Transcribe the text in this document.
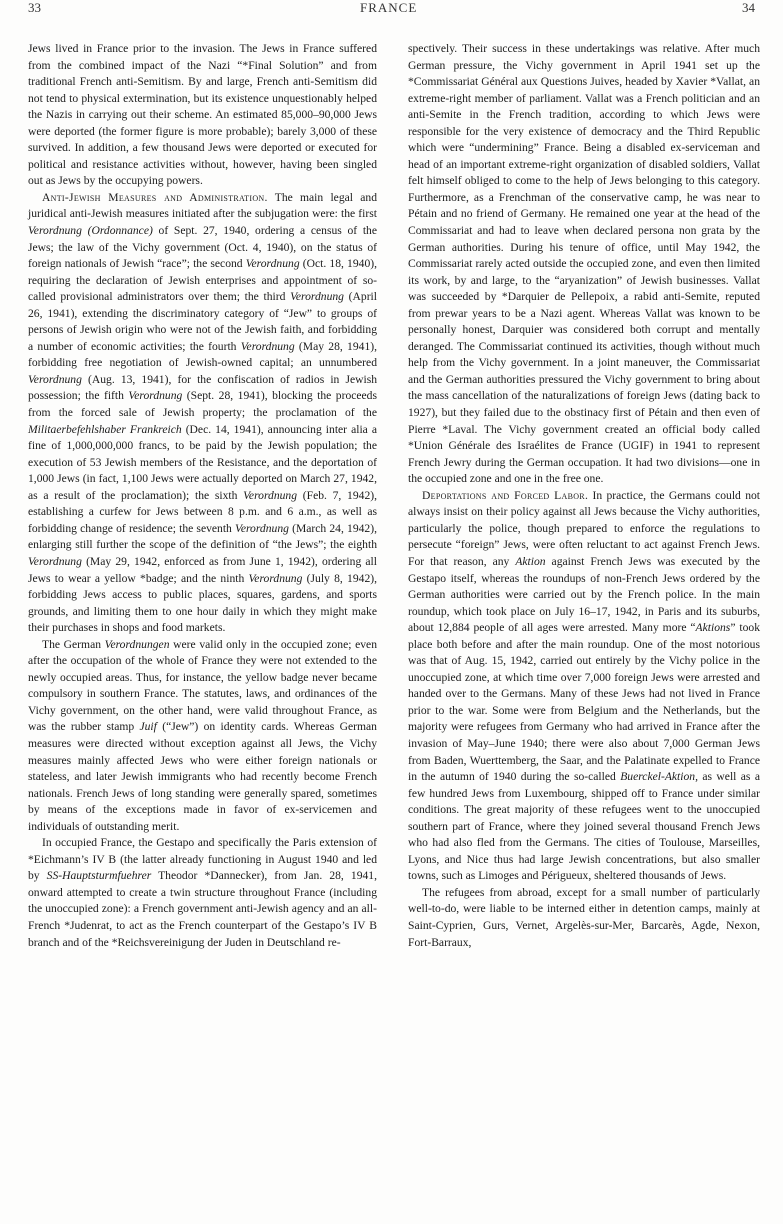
33	FRANCE	34

Jews lived in France prior to the invasion. The Jews in France suffered from the combined impact of the Nazi “*Final Solution” and from traditional French anti-Semitism. By and large, French anti-Semitism did not tend to physical extermination, but its existence unquestionably helped the Nazis in carrying out their scheme. An estimated 85,000–90,000 Jews were deported (the former figure is more probable); barely 3,000 of these survived. In addition, a few thousand Jews were deported or executed for political and resistance activities without, however, having been singled out as Jews by the occupying powers.

Anti-Jewish Measures and Administration. The main legal and juridical anti-Jewish measures initiated after the subjugation were: the first Verordnung (Ordonnance) of Sept. 27, 1940, ordering a census of the Jews; the law of the Vichy government (Oct. 4, 1940), on the status of foreign nationals of Jewish “race”; the second Verordnung (Oct. 18, 1940), requiring the declaration of Jewish enterprises and appointment of so-called provisional administrators over them; the third Verordnung (April 26, 1941), extending the discriminatory category of “Jew” to groups of persons of Jewish origin who were not of the Jewish faith, and forbidding a number of economic activities; the fourth Verordnung (May 28, 1941), forbidding free negotiation of Jewish-owned capital; an unnumbered Verordnung (Aug. 13, 1941), for the confiscation of radios in Jewish possession; the fifth Verordnung (Sept. 28, 1941), blocking the proceeds from the forced sale of Jewish property; the proclamation of the Militaerbefehlshaber Frankreich (Dec. 14, 1941), announcing inter alia a fine of 1,000,000,000 francs, to be paid by the Jewish population; the execution of 53 Jewish members of the Resistance, and the deportation of 1,000 Jews (in fact, 1,100 Jews were actually deported on March 27, 1942, as a result of the proclamation); the sixth Verordnung (Feb. 7, 1942), establishing a curfew for Jews between 8 p.m. and 6 a.m., as well as forbidding change of residence; the seventh Verordnung (March 24, 1942), enlarging still further the scope of the definition of “the Jews”; the eighth Verordnung (May 29, 1942, enforced as from June 1, 1942), ordering all Jews to wear a yellow *badge; and the ninth Verordnung (July 8, 1942), forbidding Jews access to public places, squares, gardens, and sports grounds, and limiting them to one hour daily in which they might make their purchases in shops and food markets.

The German Verordnungen were valid only in the occupied zone; even after the occupation of the whole of France they were not extended to the newly occupied areas. Thus, for instance, the yellow badge never became compulsory in southern France. The statutes, laws, and ordinances of the Vichy government, on the other hand, were valid throughout France, as was the rubber stamp Juif (“Jew”) on identity cards. Whereas German measures were directed without exception against all Jews, the Vichy measures mainly affected Jews who were either foreign nationals or stateless, and later Jewish immigrants who had recently become French nationals. French Jews of long standing were generally spared, sometimes by means of the exceptions made in favor of ex-servicemen and individuals of outstanding merit.

In occupied France, the Gestapo and specifically the Paris extension of *Eichmann’s IV B (the latter already functioning in August 1940 and led by SS-Hauptsturmfuehrer Theodor *Dannecker), from Jan. 28, 1941, onward attempted to create a twin structure throughout France (including the unoccupied zone): a French government anti-Jewish agency and an all-French *Judenrat, to act as the French counterpart of the Gestapo’s IV B branch and of the *Reichsvereinigung der Juden in Deutschland re-

spectively. Their success in these undertakings was relative. After much German pressure, the Vichy government in April 1941 set up the *Commissariat Général aux Questions Juives, headed by Xavier *Vallat, an extreme-right member of parliament. Vallat was a French politician and an anti-Semite in the French tradition, according to which Jews were responsible for the very existence of democracy and the Third Republic which were “undermining” France. Being a disabled ex-serviceman and head of an important extreme-right organization of disabled soldiers, Vallat felt himself obliged to come to the help of Jews belonging to this category. Furthermore, as a Frenchman of the conservative camp, he was near to Pétain and no friend of Germany. He remained one year at the head of the Commissariat and had to leave when declared persona non grata by the German authorities. During his tenure of office, until May 1942, the Commissariat rarely acted outside the occupied zone, and even then limited its work, by and large, to the “aryanization” of Jewish businesses. Vallat was succeeded by *Darquier de Pellepoix, a rabid anti-Semite, reputed from prewar years to be a Nazi agent. Whereas Vallat was known to be personally honest, Darquier was considered both corrupt and mentally deranged. The Commissariat continued its activities, though without much help from the Vichy government. In a joint maneuver, the Commissariat and the German authorities pressured the Vichy government to bring about the mass cancellation of the naturalizations of foreign Jews (dating back to 1927), but they failed due to the obstinacy first of Pétain and then even of Pierre *Laval. The Vichy government created an official body called *Union Générale des Israélites de France (UGIF) in 1941 to represent French Jewry during the German occupation. It had two divisions—one in the occupied zone and one in the free one.

Deportations and Forced Labor. In practice, the Germans could not always insist on their policy against all Jews because the Vichy authorities, particularly the police, though prepared to enforce the regulations to persecute “foreign” Jews, were often reluctant to act against French Jews. For that reason, any Aktion against French Jews was executed by the Gestapo itself, whereas the roundups of non-French Jews ordered by the German authorities were carried out by the French police. In the main roundup, which took place on July 16–17, 1942, in Paris and its suburbs, about 12,884 people of all ages were arrested. Many more “Aktions” took place both before and after the main roundup. One of the most notorious was that of Aug. 15, 1942, carried out entirely by the Vichy police in the unoccupied zone, at which time over 7,000 foreign Jews were arrested and handed over to the Germans. Many of these Jews had not lived in France prior to the war. Some were from Belgium and the Netherlands, but the majority were refugees from Germany who had arrived in France after the invasion of May–June 1940; there were also about 7,000 German Jews from Baden, Wuerttemberg, the Saar, and the Palatinate expelled to France in the autumn of 1940 during the so-called Buerckel-Aktion, as well as a few hundred Jews from Luxembourg, shipped off to France under similar conditions. The great majority of these refugees went to the unoccupied southern part of France, where they joined several thousand French Jews who had also fled from the Germans. The cities of Toulouse, Marseilles, Lyons, and Nice thus had large Jewish concentrations, but also smaller towns, such as Limoges and Périgueux, sheltered thousands of Jews.

The refugees from abroad, except for a small number of particularly well-to-do, were liable to be interned either in detention camps, mainly at Saint-Cyprien, Gurs, Vernet, Argelès-sur-Mer, Barcarès, Agde, Nexon, Fort-Barraux,
